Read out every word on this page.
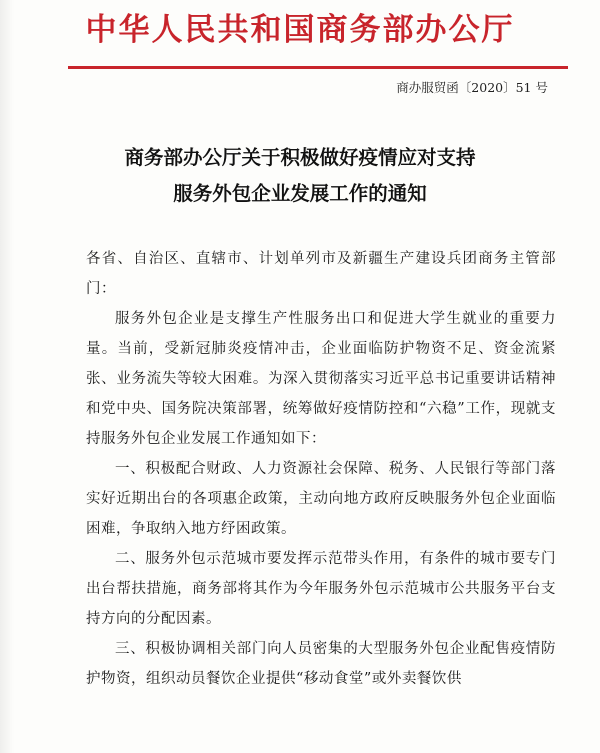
中华人民共和国商务部办公厅
商办服贸函〔2020〕51 号
商务部办公厅关于积极做好疫情应对支持
服务外包企业发展工作的通知

各省、自治区、直辖市、计划单列市及新疆生产建设兵团商务主管部门：

服务外包企业是支撑生产性服务出口和促进大学生就业的重要力量。当前，受新冠肺炎疫情冲击，企业面临防护物资不足、资金流紧张、业务流失等较大困难。为深入贯彻落实习近平总书记重要讲话精神和党中央、国务院决策部署，统筹做好疫情防控和“六稳”工作，现就支持服务外包企业发展工作通知如下：

一、积极配合财政、人力资源社会保障、税务、人民银行等部门落实好近期出台的各项惠企政策，主动向地方政府反映服务外包企业面临困难，争取纳入地方纾困政策。

二、服务外包示范城市要发挥示范带头作用，有条件的城市要专门出台帮扶措施，商务部将其作为今年服务外包示范城市公共服务平台支持方向的分配因素。

三、积极协调相关部门向人员密集的大型服务外包企业配售疫情防护物资，组织动员餐饮企业提供“移动食堂”或外卖餐饮供
